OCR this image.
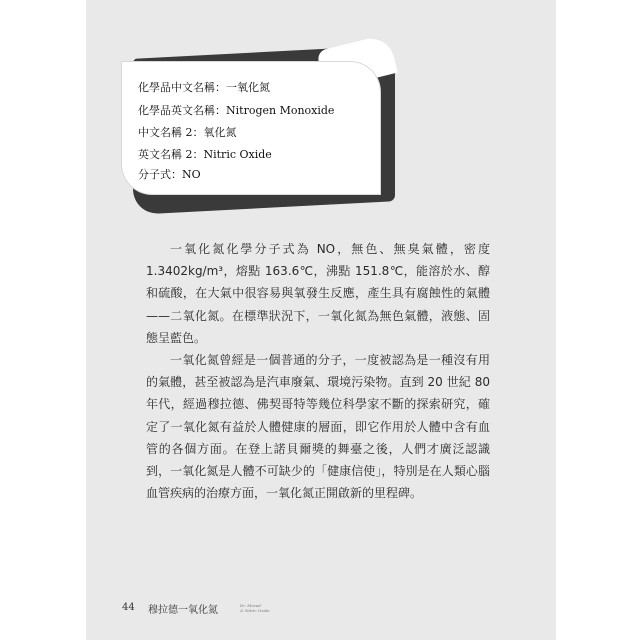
化學品中文名稱：一氧化氮
化學品英文名稱：Nitrogen Monoxide
中文名稱 2：氧化氮
英文名稱 2：Nitric Oxide
分子式：NO

一氧化氮化學分子式為 NO，無色、無臭氣體，密度 1.3402kg/m³，熔點 163.6℃，沸點 151.8℃，能溶於水、醇和硫酸，在大氣中很容易與氧發生反應，產生具有腐蝕性的氣體——二氧化氮。在標準狀況下，一氧化氮為無色氣體，液態、固態呈藍色。

一氧化氮曾經是一個普通的分子，一度被認為是一種沒有用的氣體，甚至被認為是汽車廢氣、環境污染物。直到 20 世紀 80 年代，經過穆拉德、佛契哥特等幾位科學家不斷的探索研究，確定了一氧化氮有益於人體健康的層面，即它作用於人體中含有血管的各個方面。在登上諾貝爾獎的舞臺之後，人們才廣泛認識到，一氧化氮是人體不可缺少的「健康信使」，特別是在人類心腦血管疾病的治療方面，一氧化氮正開啟新的里程碑。

44 穆拉德一氧化氮	Dr. Murad
& Nitric Oxide
